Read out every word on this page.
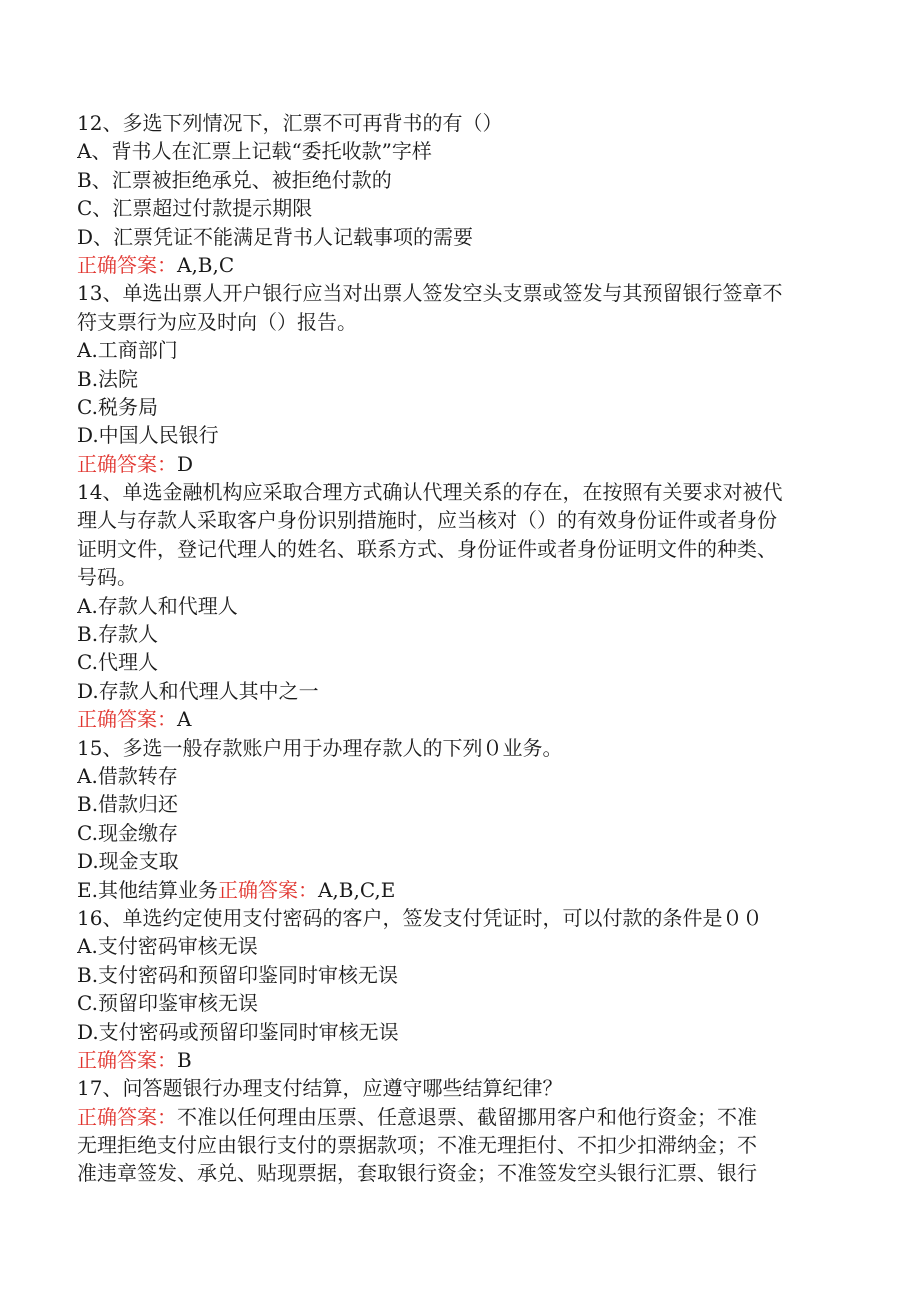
12、多选下列情况下，汇票不可再背书的有（）
A、背书人在汇票上记载“委托收款”字样
B、汇票被拒绝承兑、被拒绝付款的
C、汇票超过付款提示期限
D、汇票凭证不能满足背书人记载事项的需要
正确答案：A,B,C
13、单选出票人开户银行应当对出票人签发空头支票或签发与其预留银行签章不
符支票行为应及时向（）报告。
A.工商部门
B.法院
C.税务局
D.中国人民银行
正确答案：D
14、单选金融机构应采取合理方式确认代理关系的存在，在按照有关要求对被代
理人与存款人采取客户身份识别措施时，应当核对（）的有效身份证件或者身份
证明文件，登记代理人的姓名、联系方式、身份证件或者身份证明文件的种类、
号码。
A.存款人和代理人
B.存款人
C.代理人
D.存款人和代理人其中之一
正确答案：A
15、多选一般存款账户用于办理存款人的下列０业务。
A.借款转存
B.借款归还
C.现金缴存
D.现金支取
E.其他结算业务正确答案：A,B,C,E
16、单选约定使用支付密码的客户，签发支付凭证时，可以付款的条件是００
A.支付密码审核无误
B.支付密码和预留印鉴同时审核无误
C.预留印鉴审核无误
D.支付密码或预留印鉴同时审核无误
正确答案：B
17、问答题银行办理支付结算，应遵守哪些结算纪律？
正确答案：不准以任何理由压票、任意退票、截留挪用客户和他行资金；不准
无理拒绝支付应由银行支付的票据款项；不准无理拒付、不扣少扣滞纳金；不
准违章签发、承兑、贴现票据，套取银行资金；不准签发空头银行汇票、银行
